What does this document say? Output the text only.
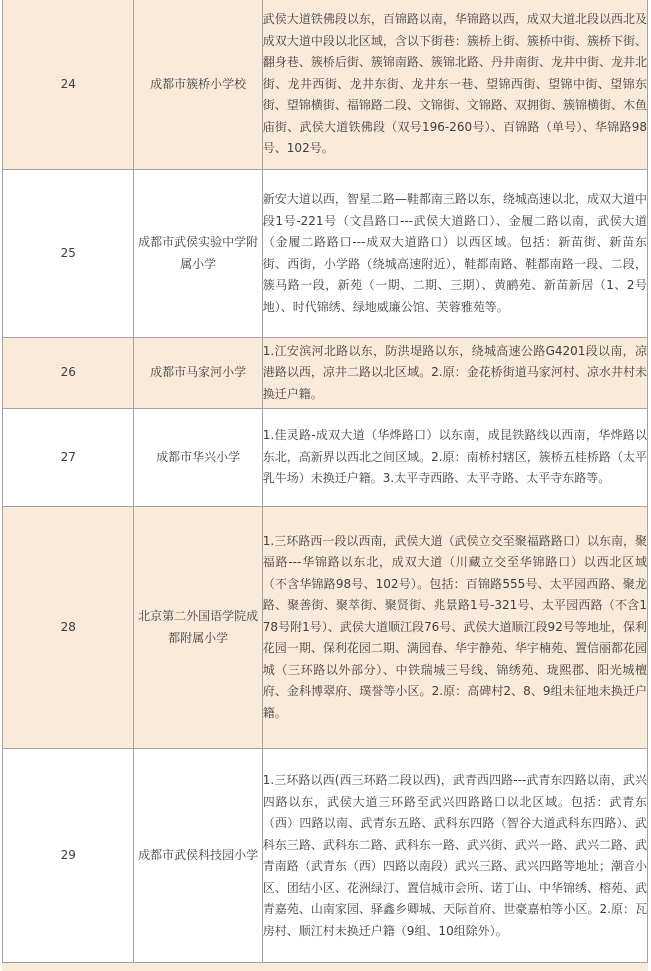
24	成都市簇桥小学校	武侯大道铁佛段以东，百锦路以南，华锦路以西，成双大道北段以西北及成双大道中段以北区域，含以下街巷：簇桥上街、簇桥中街、簇桥下街、翻身巷、簇桥后街、簇锦南路、簇锦北路、丹井南街、龙井中街、龙井北街、龙井西街、龙井东街、龙井东一巷、望锦西街、望锦中街、望锦东街、望锦横街、福锦路二段、文锦街、文锦路、双拥街、簇锦横街、木鱼庙街、武侯大道铁佛段（双号196-260号）、百锦路（单号）、华锦路98号、102号。
25	成都市武侯实验中学附属小学	新安大道以西，智星二路—鞋都南三路以东，绕城高速以北，成双大道中段1号-221号（文昌路口---武侯大道路口）、金履二路以南，武侯大道（金履二路路口---成双大道路口）以西区域。包括：新苗街、新苗东街、西街，小学路（绕城高速附近），鞋都南路、鞋都南路一段、二段，簇马路一段，新苑（一期、二期、三期）、黄鹂苑、新苗新居（1、2号地）、时代锦绣、绿地威廉公馆、芙蓉雅苑等。
26	成都市马家河小学	1.江安滨河北路以东，防洪堤路以东，绕城高速公路G4201段以南，凉港路以西，凉井二路以北区域。2.原：金花桥街道马家河村、凉水井村未换迁户籍。
27	成都市华兴小学	1.佳灵路-成双大道（华烨路口）以东南，成昆铁路线以西南，华烨路以东北，高新界以西北之间区域。2.原：南桥村辖区，簇桥五桂桥路（太平乳牛场）未换迁户籍。3.太平寺西路、太平寺路、太平寺东路等。
28	北京第二外国语学院成都附属小学	1.三环路西一段以西南，武侯大道（武侯立交至聚福路路口）以东南，聚福路---华锦路以东北，成双大道（川藏立交至华锦路口）以西北区域（不含华锦路98号、102号）。包括：百锦路555号、太平园西路、聚龙路、聚善街、聚萃街、聚贤街、兆景路1号-321号、太平园西路（不含178号附1号）、武侯大道顺江段76号、武侯大道顺江段92号等地址，保利花园一期、保利花园二期、满园春、华宇静苑、华宇楠苑、置信丽都花园城（三环路以外部分）、中铁瑞城三号线、锦绣苑、珑熙郡、阳光城檀府、金科博翠府、璞誉等小区。2.原：高碑村2、8、9组未征地未换迁户籍。
29	成都市武侯科技园小学	1.三环路以西(西三环路二段以西)，武青西四路---武青东四路以南，武兴四路以东，武侯大道三环路至武兴四路路口以北区域。包括：武青东（西）四路以南、武青东五路、武科东四路（智谷大道武科东四路）、武科东三路、武科东二路、武科东一路、武兴街、武兴一路、武兴二路、武青南路（武青东（西）四路以南段）武兴三路、武兴四路等地址；潮音小区、团结小区、花洲绿汀、置信城市会所、诺丁山、中华锦绣、榕苑、武青嘉苑、山南家园、驿鑫乡卿城、天际首府、世豪嘉柏等小区。2.原：瓦房村、顺江村未换迁户籍（9组、10组除外）。
